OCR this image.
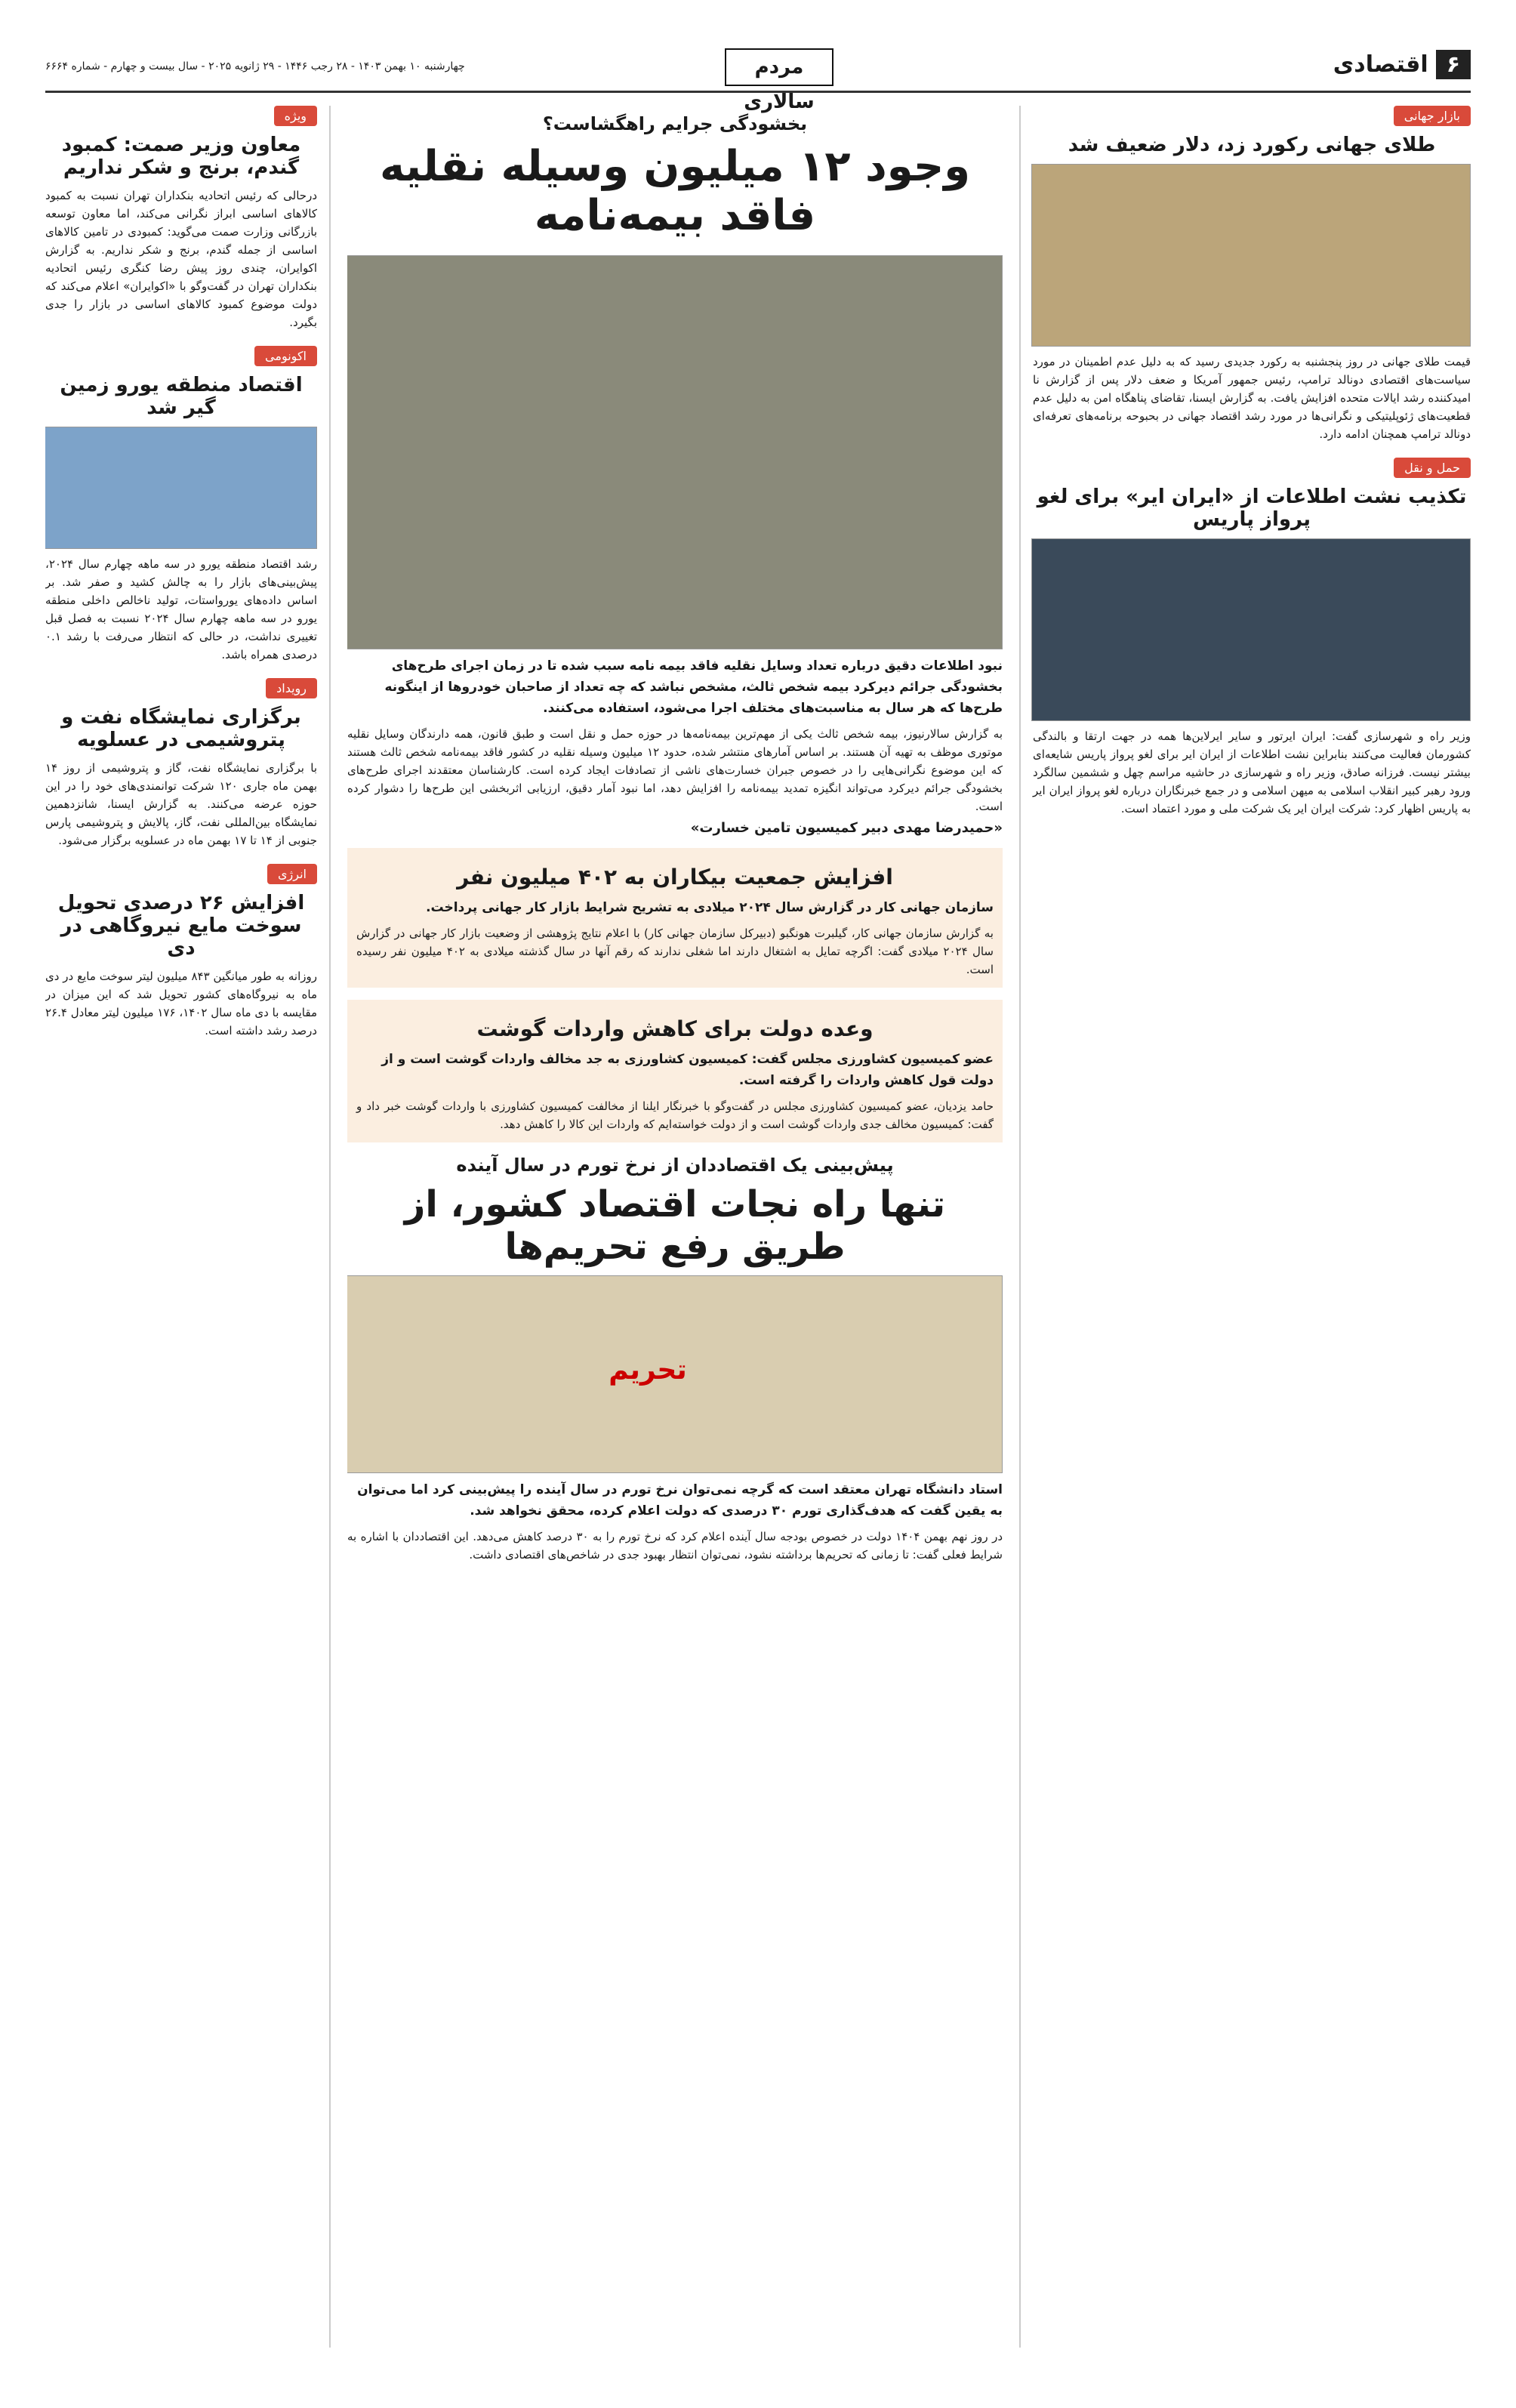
۶اقتصادی
مردم سالاری
چهارشنبه ۱۰ بهمن ۱۴۰۳ - ۲۸ رجب ۱۴۴۶ - ۲۹ ژانویه ۲۰۲۵ - سال بیست و چهارم - شماره ۶۶۶۴
بازار جهانی
طلای جهانی رکورد زد، دلار ضعیف شد
قیمت طلای جهانی در روز پنجشنبه به رکورد جدیدی رسید که به دلیل عدم اطمینان در مورد سیاست‌های اقتصادی دونالد ترامپ، رئیس جمهور آمریکا و ضعف دلار پس از گزارش نا امیدکننده رشد ایالات متحده افزایش یافت. به گزارش ایسنا، تقاضای پناهگاه امن به دلیل عدم قطعیت‌های ژئوپلیتیکی و نگرانی‌ها در مورد رشد اقتصاد جهانی در بحبوحه برنامه‌های تعرفه‌ای دونالد ترامپ همچنان ادامه دارد.

حمل و نقل
تکذیب نشت اطلاعات از «ایران ایر» برای لغو پرواز پاریس
وزیر راه و شهرسازی گفت: ایران ایرتور و سایر ایرلاین‌ها همه در جهت ارتقا و بالندگی کشورمان فعالیت می‌کنند بنابراین نشت اطلاعات از ایران ایر برای لغو پرواز پاریس شایعه‌ای بیشتر نیست. فرزانه صادق، وزیر راه و شهرسازی در حاشیه مراسم چهل و ششمین سالگرد ورود رهبر کبیر انقلاب اسلامی به میهن اسلامی و در جمع خبرنگاران درباره لغو پرواز ایران ایر به پاریس اظهار کرد: شرکت ایران ایر یک شرکت ملی و مورد اعتماد است.
ویژه
معاون وزیر صمت: کمبود گندم، برنج و شکر نداریم
درحالی که رئیس اتحادیه بنکداران تهران نسبت به کمبود کالاهای اساسی ابراز نگرانی می‌کند، اما معاون توسعه بازرگانی وزارت صمت می‌گوید: کمبودی در تامین کالاهای اساسی از جمله گندم، برنج و شکر نداریم. به گزارش اکوایران، چندی روز پیش رضا کنگری رئیس اتحادیه بنکداران تهران در گفت‌وگو با «اکوایران» اعلام می‌کند که دولت موضوع کمبود کالاهای اساسی در بازار را جدی بگیرد.

اکونومی
اقتصاد منطقه یورو زمین گیر شد
رشد اقتصاد منطقه یورو در سه ماهه چهارم سال ۲۰۲۴، پیش‌بینی‌های بازار را به چالش کشید و صفر شد. بر اساس داده‌های یورواستات، تولید ناخالص داخلی منطقه یورو در سه ماهه چهارم سال ۲۰۲۴ نسبت به فصل قبل تغییری نداشت، در حالی که انتظار می‌رفت با رشد ۰.۱ درصدی همراه باشد.

رویداد
برگزاری نمایشگاه نفت و پتروشیمی در عسلویه
با برگزاری نمایشگاه نفت، گاز و پتروشیمی از روز ۱۴ بهمن ماه جاری ۱۲۰ شرکت توانمندی‌های خود را در این حوزه عرضه می‌کنند. به گزارش ایسنا، شانزدهمین نمایشگاه بین‌المللی نفت، گاز، پالایش و پتروشیمی پارس جنوبی از ۱۴ تا ۱۷ بهمن ماه در عسلویه برگزار می‌شود.

انرژی
افزایش ۲۶ درصدی تحویل سوخت مایع نیروگاهی در دی
روزانه به طور میانگین ۸۴۳ میلیون لیتر سوخت مایع در دی ماه به نیروگاه‌های کشور تحویل شد که این میزان در مقایسه با دی ماه سال ۱۴۰۲، ۱۷۶ میلیون لیتر معادل ۲۶.۴ درصد رشد داشته است.
بخشودگی جرایم راهگشاست؟
وجود ۱۲ میلیون وسیله نقلیه فاقد بیمه‌نامه
نبود اطلاعات دقیق درباره تعداد وسایل نقلیه فاقد بیمه نامه سبب شده تا در زمان اجرای طرح‌های بخشودگی جرائم دیرکرد بیمه شخص ثالث، مشخص نباشد که چه تعداد از صاحبان خودروها از اینگونه طرح‌ها که هر سال به مناسبت‌های مختلف اجرا می‌شود، استفاده می‌کنند.
به گزارش سالارنیوز، بیمه شخص ثالث یکی از مهم‌ترین بیمه‌نامه‌ها در حوزه حمل و نقل است و طبق قانون، همه دارندگان وسایل نقلیه موتوری موظف به تهیه آن هستند. بر اساس آمارهای منتشر شده، حدود ۱۲ میلیون وسیله نقلیه در کشور فاقد بیمه‌نامه شخص ثالث هستند که این موضوع نگرانی‌هایی را در خصوص جبران خسارت‌های ناشی از تصادفات ایجاد کرده است. کارشناسان معتقدند اجرای طرح‌های بخشودگی جرائم دیرکرد می‌تواند انگیزه تمدید بیمه‌نامه را افزایش دهد، اما نبود آمار دقیق، ارزیابی اثربخشی این طرح‌ها را دشوار کرده است.
«حمیدرضا مهدی دبیر کمیسیون تامین خسارت»
افزایش جمعیت بیکاران به ۴۰۲ میلیون نفر
سازمان جهانی کار در گزارش سال ۲۰۲۴ میلادی به تشریح شرایط بازار کار جهانی پرداخت.
به گزارش سازمان جهانی کار، گیلبرت هونگبو (دبیرکل سازمان جهانی کار) با اعلام نتایج پژوهشی از وضعیت بازار کار جهانی در گزارش سال ۲۰۲۴ میلادی گفت: اگرچه تمایل به اشتغال دارند اما شغلی ندارند که رقم آنها در سال گذشته میلادی به ۴۰۲ میلیون نفر رسیده است.
وعده دولت برای کاهش واردات گوشت
عضو کمیسیون کشاورزی مجلس گفت: کمیسیون کشاورزی به جد مخالف واردات گوشت است و از دولت قول کاهش واردات را گرفته است.
حامد یزدیان، عضو کمیسیون کشاورزی مجلس در گفت‌وگو با خبرنگار ایلنا از مخالفت کمیسیون کشاورزی با واردات گوشت خبر داد و گفت: کمیسیون مخالف جدی واردات گوشت است و از دولت خواسته‌ایم که واردات این کالا را کاهش دهد.
پیش‌بینی یک اقتصاددان از نرخ تورم در سال آینده
تنها راه نجات اقتصاد کشور، از طریق رفع تحریم‌ها
تحریم
استاد دانشگاه تهران معتقد است که گرچه نمی‌توان نرخ تورم در سال آینده را پیش‌بینی کرد اما می‌توان به یقین گفت که هدف‌گذاری تورم ۳۰ درصدی که دولت اعلام کرده، محقق نخواهد شد.
در روز نهم بهمن ۱۴۰۴ دولت در خصوص بودجه سال آینده اعلام کرد که نرخ تورم را به ۳۰ درصد کاهش می‌دهد. این اقتصاددان با اشاره به شرایط فعلی گفت: تا زمانی که تحریم‌ها برداشته نشود، نمی‌توان انتظار بهبود جدی در شاخص‌های اقتصادی داشت.
